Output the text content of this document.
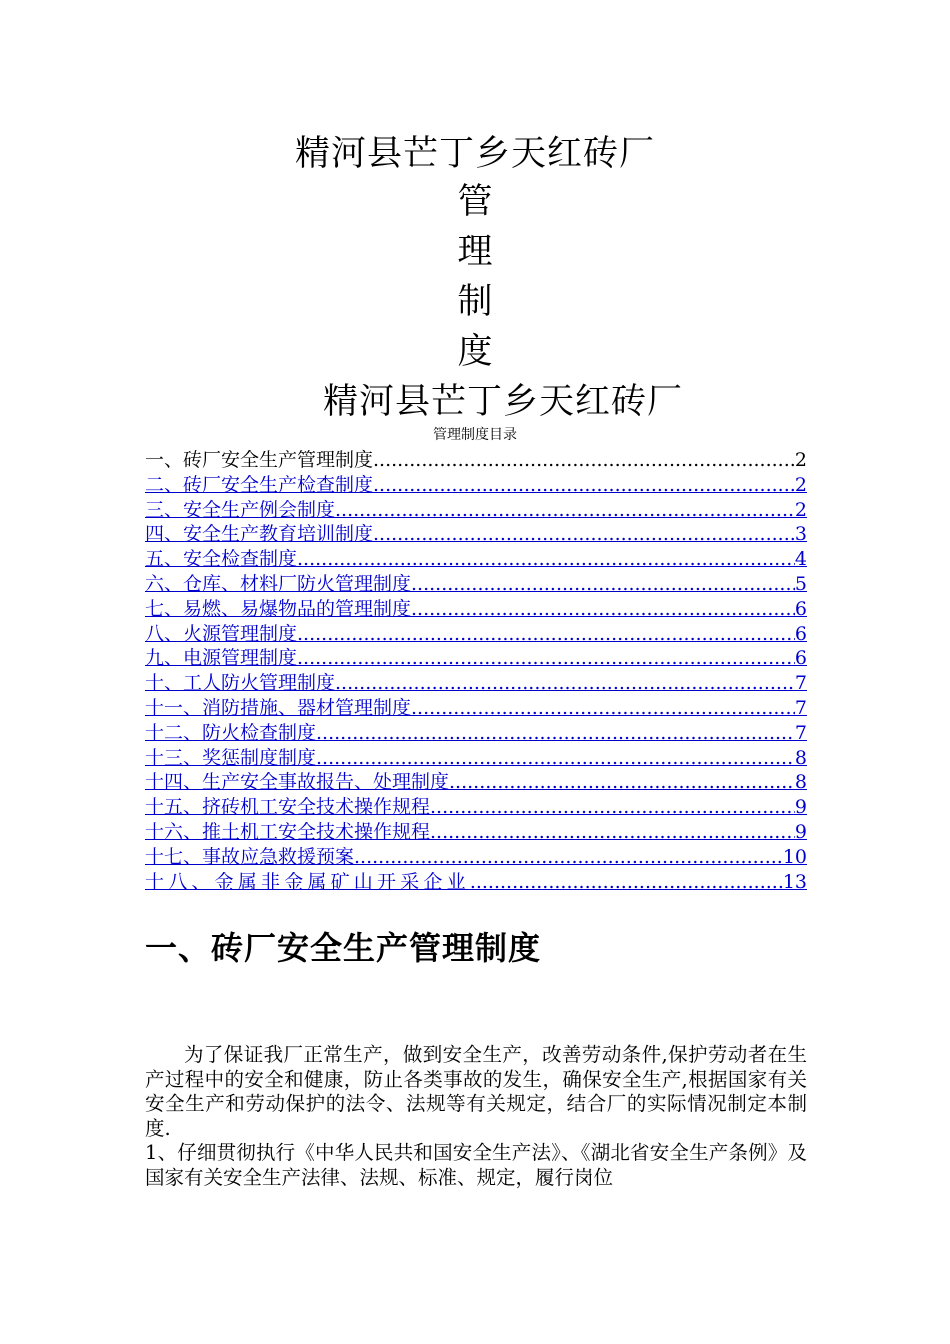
精河县芒丁乡天红砖厂
管
理
制
度
精河县芒丁乡天红砖厂
管理制度目录
一、砖厂安全生产管理制度 .....	2
二、砖厂安全生产检查制度 .....	2
三、安全生产例会制度 .....	2
四、安全生产教育培训制度 .....	3
五、安全检查制度 .....	4
六、仓库、材料厂防火管理制度 .....	5
七、易燃、易爆物品的管理制度 .....	6
八、火源管理制度 .....	6
九、电源管理制度 .....	6
十、工人防火管理制度 .....	7
十一、消防措施、器材管理制度 .....	7
十二、防火检查制度 .....	7
十三、奖惩制度制度 .....	8
十四、生产安全事故报告、处理制度 .....	8
十五、挤砖机工安全技术操作规程 .....	9
十六、推土机工安全技术操作规程 .....	9
十七、事故应急救援预案 .....	10
十八、金属非金属矿山开采企业 .....	13
一、砖厂安全生产管理制度

为了保证我厂正常生产，做到安全生产，改善劳动条件,保护劳动者在生产过程中的安全和健康，防止各类事故的发生，确保安全生产,根据国家有关安全生产和劳动保护的法令、法规等有关规定，结合厂的实际情况制定本制度.

1、仔细贯彻执行《中华人民共和国安全生产法》、《湖北省安全生产条例》及国家有关安全生产法律、法规、标准、规定，履行岗位
